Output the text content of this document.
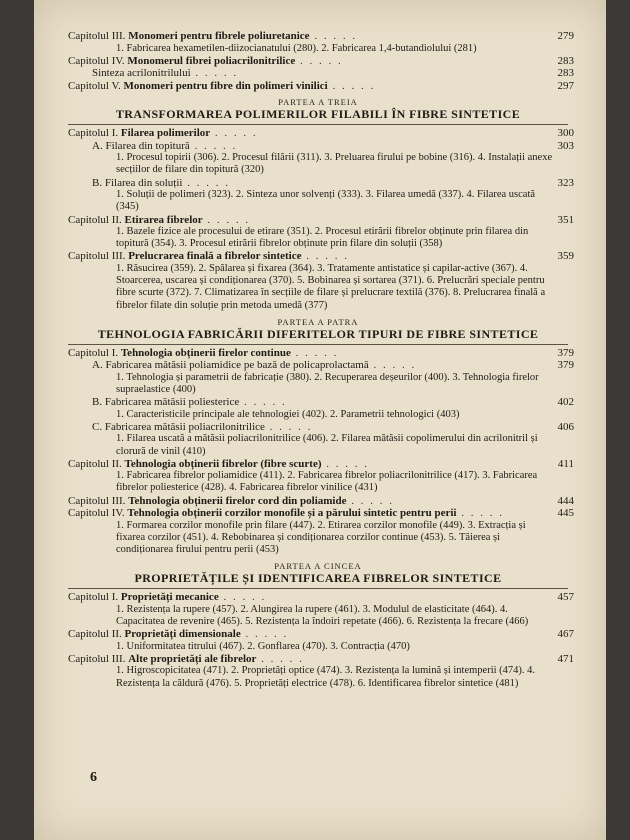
Capitolul III. Monomeri pentru fibrele poliuretanice . . . . .	279
1. Fabricarea hexametilen-diizocianatului (280). 2. Fabricarea 1,4-butandiolului (281)
Capitolul IV. Monomerul fibrei poliacrilonitrilice . . . . .	283
Sinteza acrilonitrilului . . . . .	283
Capitolul V. Monomeri pentru fibre din polimeri vinilici . . . . .	297
PARTEA A TREIA
TRANSFORMAREA POLIMERILOR FILABILI ÎN FIBRE SINTETICE
Capitolul I. Filarea polimerilor . . . . .	300
A. Filarea din topitură . . . . .	303
1. Procesul topirii (306). 2. Procesul filării (311). 3. Preluarea firului pe bobine (316). 4. Instalații anexe secțiilor de filare din topitură (320)
B. Filarea din soluții . . . . .	323
1. Soluții de polimeri (323). 2. Sinteza unor solvenți (333). 3. Filarea umedă (337). 4. Filarea uscată (345)
Capitolul II. Etirarea fibrelor . . . . .	351
1. Bazele fizice ale procesului de etirare (351). 2. Procesul etirării fibrelor obținute prin filarea din topitură (354). 3. Procesul etirării fibrelor obținute prin filare din soluții (358)
Capitolul III. Prelucrarea finală a fibrelor sintetice . . . . .	359
1. Răsucirea (359). 2. Spălarea și fixarea (364). 3. Tratamente antistatice și capilar-active (367). 4. Stoarcerea, uscarea și condiționarea (370). 5. Bobinarea și sortarea (371). 6. Prelucrări speciale pentru fibre scurte (372). 7. Climatizarea în secțiile de filare și prelucrare textilă (376). 8. Prelucrarea finală a fibrelor filate din soluție prin metoda umedă (377)
PARTEA A PATRA
TEHNOLOGIA FABRICĂRII DIFERITELOR TIPURI DE FIBRE SINTETICE
Capitolul I. Tehnologia obținerii firelor continue . . . . .	379
A. Fabricarea mătăsii poliamidice pe bază de policaprolactamă . . . . .	379
1. Tehnologia și parametrii de fabricație (380). 2. Recuperarea deșeurilor (400). 3. Tehnologia firelor supraelastice (400)
B. Fabricarea mătăsii poliesterice . . . . .	402
1. Caracteristicile principale ale tehnologiei (402). 2. Parametrii tehnologici (403)
C. Fabricarea mătăsii poliacrilonitrilice . . . . .	406
1. Filarea uscată a mătăsii poliacrilonitrilice (406). 2. Filarea mătăsii copolimerului din acrilonitril și clorură de vinil (410)
Capitolul II. Tehnologia obținerii fibrelor (fibre scurte) . . . . .	411
1. Fabricarea fibrelor poliamidice (411). 2. Fabricarea fibrelor poliacrilonitrilice (417). 3. Fabricarea fibrelor poliesterice (428). 4. Fabricarea fibrelor vinilice (431)
Capitolul III. Tehnologia obținerii firelor cord din poliamide . . . . .	444
Capitolul IV. Tehnologia obținerii corzilor monofile și a părului sintetic pentru perii . . . . .	445
1. Formarea corzilor monofile prin filare (447). 2. Etirarea corzilor monofile (449). 3. Extracția și fixarea corzilor (451). 4. Rebobinarea și condiționarea corzilor continue (453). 5. Tăierea și condiționarea firului pentru perii (453)
PARTEA A CINCEA
PROPRIETĂȚILE ȘI IDENTIFICAREA FIBRELOR SINTETICE
Capitolul I. Proprietăți mecanice . . . . .	457
1. Rezistența la rupere (457). 2. Alungirea la rupere (461). 3. Modulul de elasticitate (464). 4. Capacitatea de revenire (465). 5. Rezistența la îndoiri repetate (466). 6. Rezistența la frecare (466)
Capitolul II. Proprietăți dimensionale . . . . .	467
1. Uniformitatea titrului (467). 2. Gonflarea (470). 3. Contracția (470)
Capitolul III. Alte proprietăți ale fibrelor . . . . .	471
1. Higroscopicitatea (471). 2. Proprietăți optice (474). 3. Rezistența la lumină și intemperii (474). 4. Rezistența la căldură (476). 5. Proprietăți electrice (478). 6. Identificarea fibrelor sintetice (481)
6
